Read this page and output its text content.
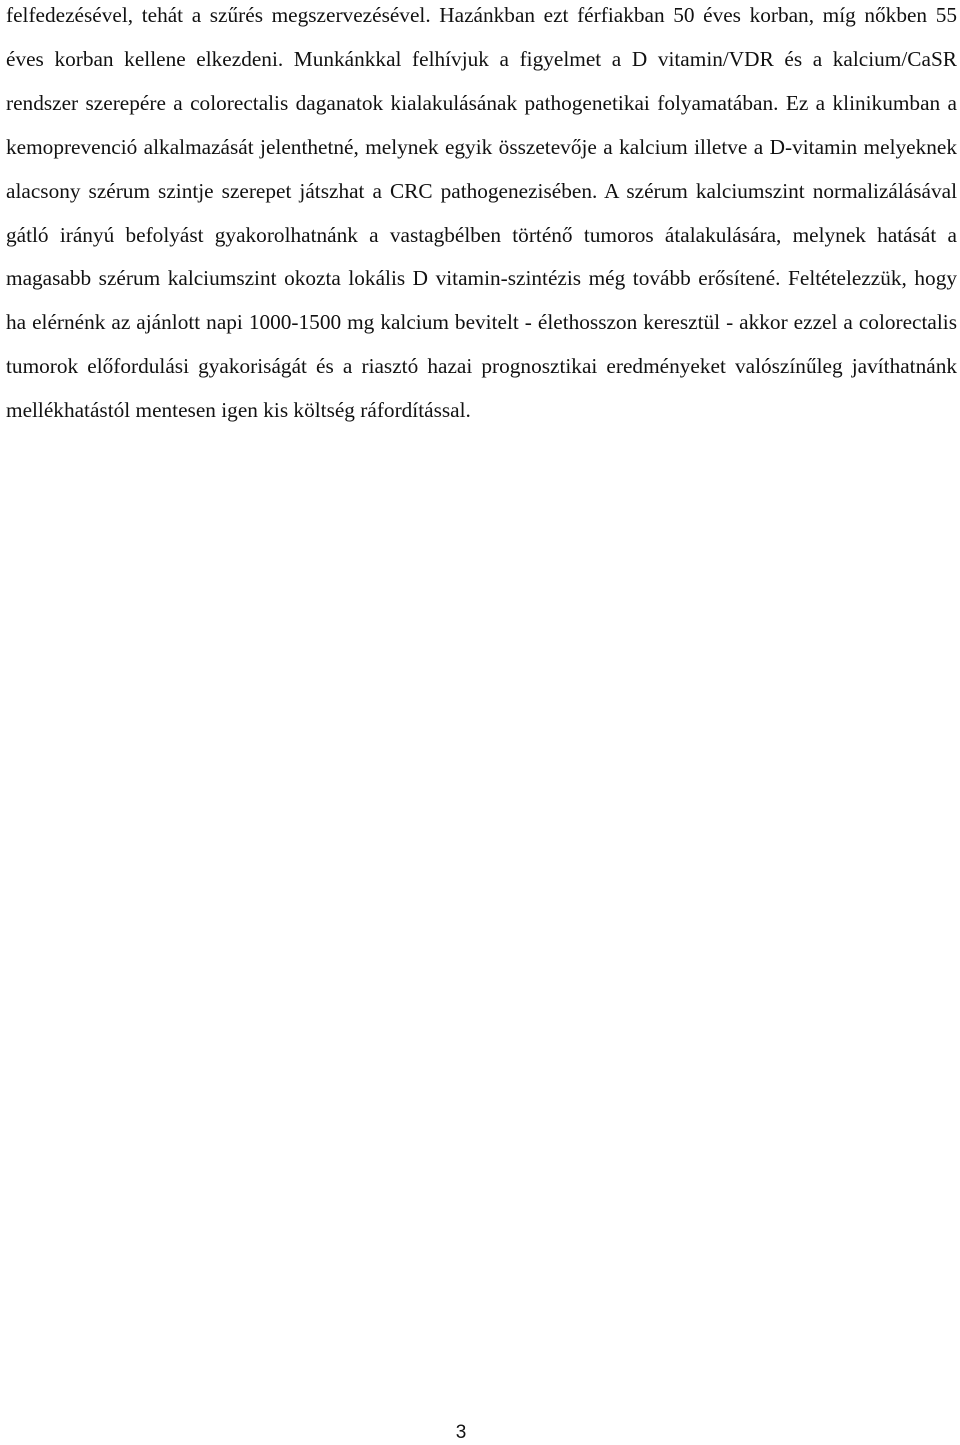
felfedezésével, tehát a szűrés megszervezésével. Hazánkban ezt férfiakban 50 éves korban, míg nőkben 55 éves korban kellene elkezdeni. Munkánkkal felhívjuk a figyelmet a D vitamin/VDR és a kalcium/CaSR rendszer szerepére a colorectalis daganatok kialakulásának pathogenetikai folyamatában. Ez a klinikumban a kemoprevenció alkalmazását jelenthetné, melynek egyik összetevője a kalcium illetve a D-vitamin melyeknek alacsony szérum szintje szerepet játszhat a CRC pathogenezisében. A szérum kalciumszint normalizálásával gátló irányú befolyást gyakorolhatnánk a vastagbélben történő tumoros átalakulására, melynek hatását a magasabb szérum kalciumszint okozta lokális D vitamin-szintézis még tovább erősítené. Feltételezzük, hogy ha elérnénk az ajánlott napi 1000-1500 mg kalcium bevitelt - élethosszon keresztül - akkor ezzel a colorectalis tumorok előfordulási gyakoriságát és a riasztó hazai prognosztikai eredményeket valószínűleg javíthatnánk mellékhatástól mentesen igen kis költség ráfordítással.

3
